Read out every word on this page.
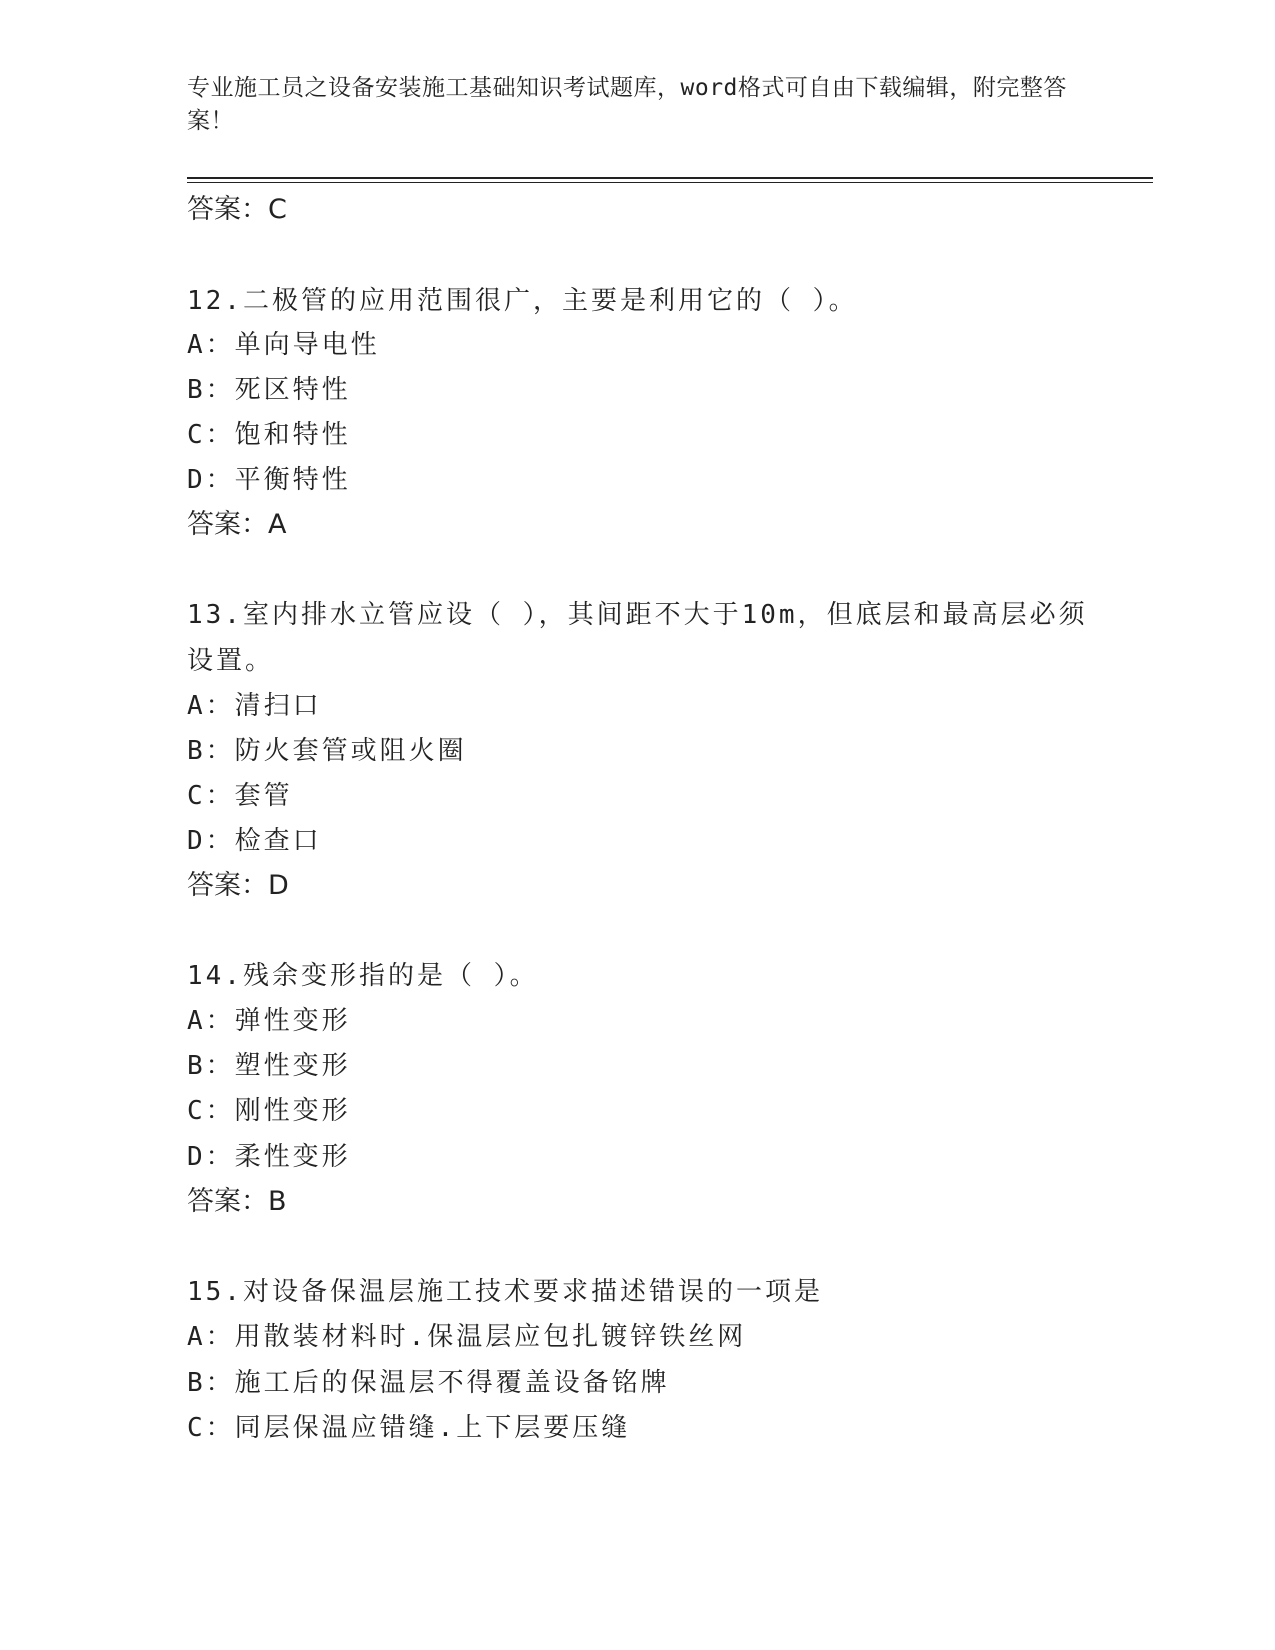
专业施工员之设备安装施工基础知识考试题库，word格式可自由下载编辑，附完整答案！
答案：C
12.二极管的应用范围很广，主要是利用它的（ ）。
A：单向导电性
B：死区特性
C：饱和特性
D：平衡特性
答案：A
13.室内排水立管应设（ ），其间距不大于10m，但底层和最高层必须
设置。
A：清扫口
B：防火套管或阻火圈
C：套管
D：检查口
答案：D
14.残余变形指的是（ ）。
A：弹性变形
B：塑性变形
C：刚性变形
D：柔性变形
答案：B
15.对设备保温层施工技术要求描述错误的一项是
A：用散装材料时.保温层应包扎镀锌铁丝网
B：施工后的保温层不得覆盖设备铭牌
C：同层保温应错缝.上下层要压缝
